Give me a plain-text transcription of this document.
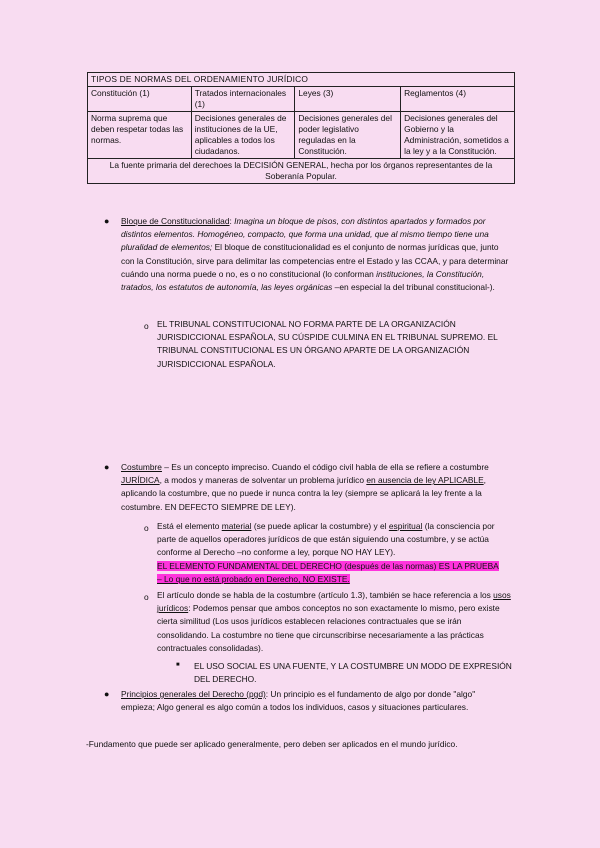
TIPOS DE NORMAS DEL ORDENAMIENTO JURÍDICO			
Constitución (1)	Tratados internacionales (1)	Leyes (3)	Reglamentos (4)
Norma suprema que deben respetar todas las normas.	Decisiones generales de instituciones de la UE, aplicables a todos los ciudadanos.	Decisiones generales del poder legislativo reguladas en la Constitución.	Decisiones generales del Gobierno y la Administración, sometidos a la ley y a la Constitución.
La fuente primaria del derechoes la DECISIÓN GENERAL, hecha por los órganos representantes de la Soberanía Popular.			
● Bloque de Constitucionalidad: Imagina un bloque de pisos, con distintos apartados y formados por distintos elementos. Homogéneo, compacto, que forma una unidad, que al mismo tiempo tiene una pluralidad de elementos; El bloque de constitucionalidad es el conjunto de normas jurídicas que, junto con la Constitución, sirve para delimitar las competencias entre el Estado y las CCAA, y para determinar cuándo una norma puede o no, es o no constitucional (lo conforman instituciones, la Constitución, tratados, los estatutos de autonomía, las leyes orgánicas –en especial la del tribunal constitucional-).
o EL TRIBUNAL CONSTITUCIONAL NO FORMA PARTE DE LA ORGANIZACIÓN JURISDICCIONAL ESPAÑOLA, SU CÚSPIDE CULMINA EN EL TRIBUNAL SUPREMO. EL TRIBUNAL CONSTITUCIONAL ES UN ÓRGANO APARTE DE LA ORGANIZACIÓN JURISDICCIONAL ESPAÑOLA.
● Costumbre – Es un concepto impreciso. Cuando el código civil habla de ella se refiere a costumbre JURÍDICA, a modos y maneras de solventar un problema jurídico en ausencia de ley APLICABLE, aplicando la costumbre, que no puede ir nunca contra la ley (siempre se aplicará la ley frente a la costumbre. EN DEFECTO SIEMPRE DE LEY).
o Está el elemento material (se puede aplicar la costumbre) y el espiritual (la consciencia por parte de aquellos operadores jurídicos de que están siguiendo una costumbre, y se actúa conforme al Derecho –no conforme a ley, porque NO HAY LEY).
EL ELEMENTO FUNDAMENTAL DEL DERECHO (después de las normas) ES LA PRUEBA
– Lo que no está probado en Derecho, NO EXISTE.
o El artículo donde se habla de la costumbre (artículo 1.3), también se hace referencia a los usos jurídicos: Podemos pensar que ambos conceptos no son exactamente lo mismo, pero existe cierta similitud (Los usos jurídicos establecen relaciones contractuales que se irán consolidando. La costumbre no tiene que circunscribirse necesariamente a las prácticas contractuales consolidadas).
■ EL USO SOCIAL ES UNA FUENTE, Y LA COSTUMBRE UN MODO DE EXPRESIÓN DEL DERECHO.
● Principios generales del Derecho (pgd): Un principio es el fundamento de algo por donde "algo" empieza; Algo general es algo común a todos los individuos, casos y situaciones particulares.
-Fundamento que puede ser aplicado generalmente, pero deben ser aplicados en el mundo jurídico.
